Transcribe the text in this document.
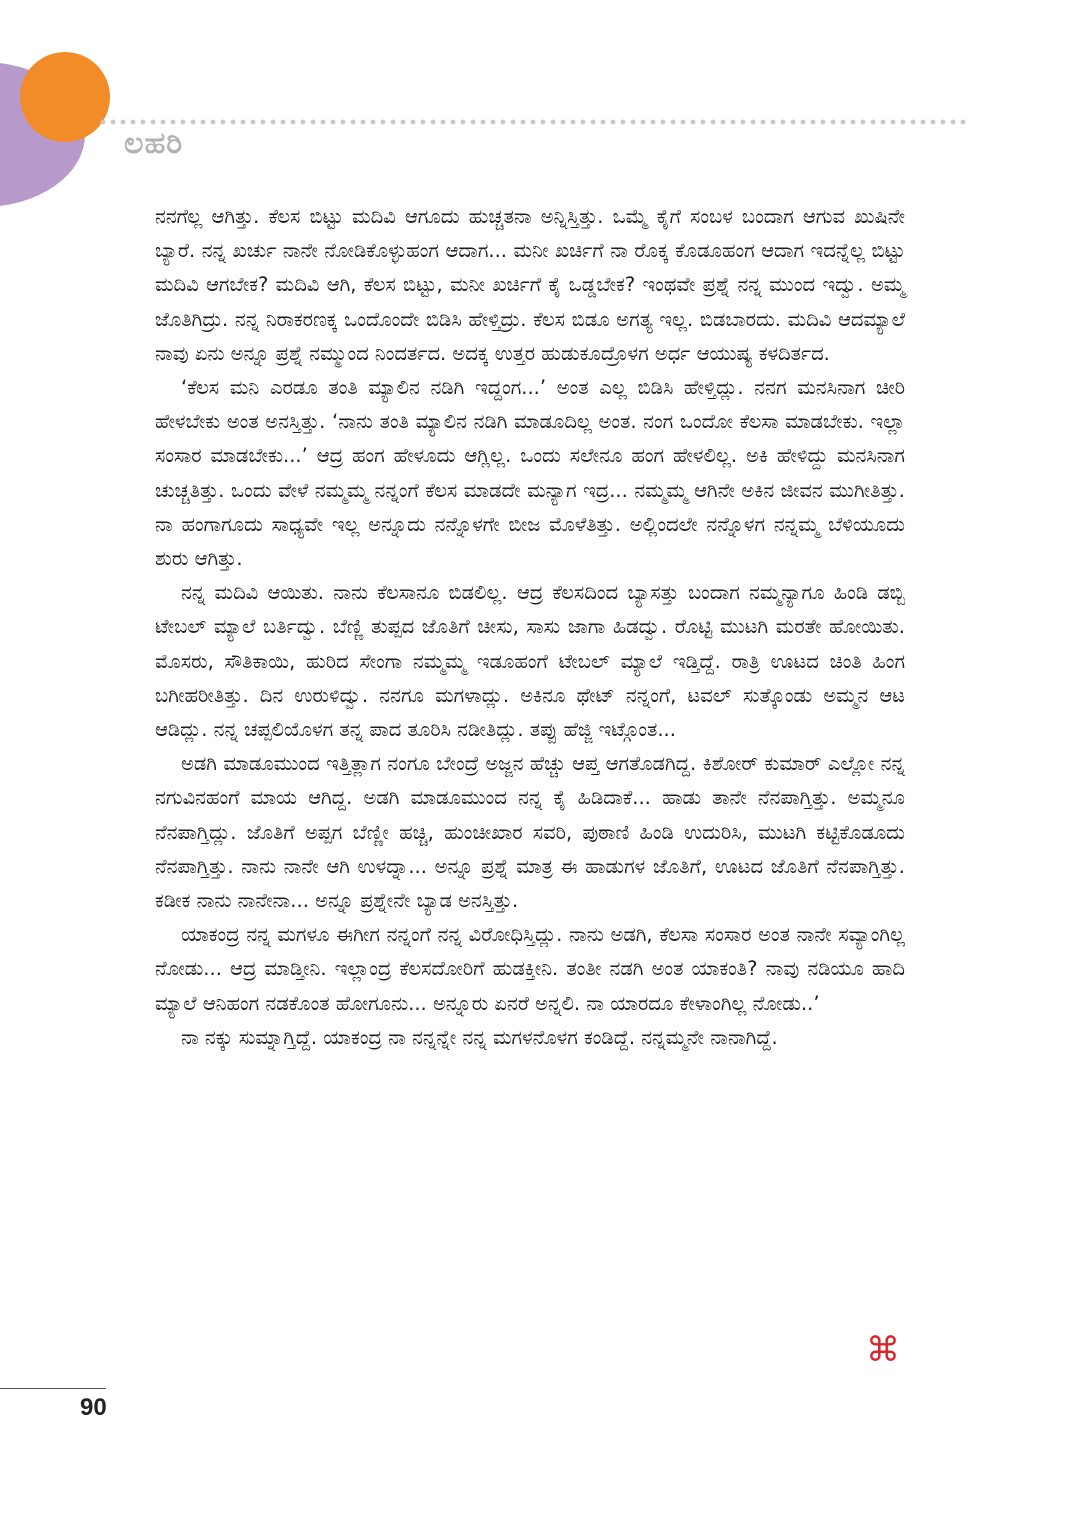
ಲಹರಿ

ನನಗೆಲ್ಲ ಆಗಿತ್ತು. ಕೆಲಸ ಬಿಟ್ಟು ಮದಿವಿ ಆಗೂದು ಹುಚ್ಚತನಾ ಅನ್ನಿಸ್ತಿತ್ತು. ಒಮ್ಮೆ ಕೈಗೆ ಸಂಬಳ ಬಂದಾಗ ಆಗುವ ಖುಷಿನೇ ಬ್ಯಾರೆ. ನನ್ನ ಖರ್ಚು ನಾನೇ ನೋಡಿಕೊಳ್ಳುಹಂಗ ಆದಾಗ... ಮನೀ ಖರ್ಚಿಗೆ ನಾ ರೊಕ್ಕ ಕೊಡೂಹಂಗ ಆದಾಗ ಇದನ್ನೆಲ್ಲ ಬಿಟ್ಟು ಮದಿವಿ ಆಗಬೇಕ? ಮದಿವಿ ಆಗಿ, ಕೆಲಸ ಬಿಟ್ಟು, ಮನೀ ಖರ್ಚಿಗೆ ಕೈ ಒಡ್ಡಬೇಕ? ಇಂಥವೇ ಪ್ರಶ್ನೆ ನನ್ನ ಮುಂದ ಇದ್ವು. ಅಮ್ಮ ಜೊತಿಗಿದ್ರು. ನನ್ನ ನಿರಾಕರಣಕ್ಕ ಒಂದೊಂದೇ ಬಿಡಿಸಿ ಹೇಳ್ತಿದ್ರು. ಕೆಲಸ ಬಿಡೂ ಅಗತ್ಯ ಇಲ್ಲ. ಬಿಡಬಾರದು. ಮದಿವಿ ಆದಮ್ಯಾಲೆ ನಾವು ಏನು ಅನ್ನೂ ಪ್ರಶ್ನೆ ನಮ್ಮುಂದ ನಿಂದರ್ತದ. ಅದಕ್ಕ ಉತ್ತರ ಹುಡುಕೂದ್ರೊಳಗ ಅರ್ಧ ಆಯುಷ್ಯ ಕಳದಿರ್ತದ.

‘ಕೆಲಸ ಮನಿ ಎರಡೂ ತಂತಿ ಮ್ಯಾಲಿನ ನಡಿಗಿ ಇದ್ದಂಗ...’ ಅಂತ ಎಲ್ಲ ಬಿಡಿಸಿ ಹೇಳ್ತಿದ್ಲು. ನನಗ ಮನಸಿನಾಗ ಚೀರಿ ಹೇಳಬೇಕು ಅಂತ ಅನಸ್ತಿತ್ತು. ‘ನಾನು ತಂತಿ ಮ್ಯಾಲಿನ ನಡಿಗಿ ಮಾಡೂದಿಲ್ಲ ಅಂತ. ನಂಗ ಒಂದೋ ಕೆಲಸಾ ಮಾಡಬೇಕು. ಇಲ್ಲಾ ಸಂಸಾರ ಮಾಡಬೇಕು...’ ಆದ್ರ ಹಂಗ ಹೇಳೂದು ಆಗ್ಲಿಲ್ಲ. ಒಂದು ಸಲೇನೂ ಹಂಗ ಹೇಳಲಿಲ್ಲ. ಅಕಿ ಹೇಳಿದ್ದು ಮನಸಿನಾಗ ಚುಚ್ಚತಿತ್ತು. ಒಂದು ವೇಳೆ ನಮ್ಮಮ್ಮ ನನ್ನಂಗೆ ಕೆಲಸ ಮಾಡದೇ ಮನ್ಯಾಗ ಇದ್ರ... ನಮ್ಮಮ್ಮ ಆಗಿನೇ ಅಕಿನ ಜೀವನ ಮುಗೀತಿತ್ತು. ನಾ ಹಂಗಾಗೂದು ಸಾಧ್ಯವೇ ಇಲ್ಲ ಅನ್ನೂದು ನನ್ನೊಳಗೇ ಬೀಜ ಮೊಳೆತಿತ್ತು. ಅಲ್ಲಿಂದಲೇ ನನ್ನೊಳಗ ನನ್ನಮ್ಮ ಬೆಳಿಯೂದು ಶುರು ಆಗಿತ್ತು.

ನನ್ನ ಮದಿವಿ ಆಯಿತು. ನಾನು ಕೆಲಸಾನೂ ಬಿಡಲಿಲ್ಲ. ಆದ್ರ ಕೆಲಸದಿಂದ ಬ್ಯಾಸತ್ತು ಬಂದಾಗ ನಮ್ಮನ್ಯಾಗೂ ಹಿಂಡಿ ಡಬ್ಬಿ ಟೇಬಲ್ ಮ್ಯಾಲೆ ಬರ್ತಿದ್ವು. ಬೆಣ್ಣಿ ತುಪ್ಪದ ಜೊತಿಗೆ ಚೀಸು, ಸಾಸು ಜಾಗಾ ಹಿಡದ್ವು. ರೊಟ್ಟಿ ಮುಟಗಿ ಮರತೇ ಹೋಯಿತು. ಮೊಸರು, ಸೌತಿಕಾಯಿ, ಹುರಿದ ಸೇಂಗಾ ನಮ್ಮಮ್ಮ ಇಡೂಹಂಗೆ ಟೇಬಲ್ ಮ್ಯಾಲೆ ಇಡ್ತಿದ್ದೆ. ರಾತ್ರಿ ಊಟದ ಚಿಂತಿ ಹಿಂಗ ಬಗೀಹರೀತಿತ್ತು. ದಿನ ಉರುಳಿದ್ವು. ನನಗೂ ಮಗಳಾದ್ಲು. ಅಕಿನೂ ಥೇಟ್ ನನ್ನಂಗೆ, ಟವಲ್ ಸುತ್ಕೊಂಡು ಅಮ್ಮನ ಆಟ ಆಡಿದ್ಲು. ನನ್ನ ಚಪ್ಪಲಿಯೊಳಗ ತನ್ನ ಪಾದ ತೂರಿಸಿ ನಡೀತಿದ್ಲು. ತಪ್ಪು ಹೆಜ್ಜಿ ಇಟ್ಗೊಂತ...

ಅಡಗಿ ಮಾಡೂಮುಂದ ಇತ್ತಿತ್ಲಾಗ ನಂಗೂ ಬೇಂದ್ರೆ ಅಜ್ಜನ ಹೆಚ್ಚು ಆಪ್ತ ಆಗತೊಡಗಿದ್ದ. ಕಿಶೋರ್ ಕುಮಾರ್ ಎಲ್ಲೋ ನನ್ನ ನಗುವಿನಹಂಗೆ ಮಾಯ ಆಗಿದ್ದ. ಅಡಗಿ ಮಾಡೂಮುಂದ ನನ್ನ ಕೈ ಹಿಡಿದಾಕೆ... ಹಾಡು ತಾನೇ ನೆನಪಾಗ್ತಿತ್ತು. ಅಮ್ಮನೂ ನೆನಪಾಗ್ತಿದ್ಲು. ಜೊತಿಗೆ ಅಪ್ಪಗ ಬೆಣ್ಣೀ ಹಚ್ಚಿ, ಹುಂಚೀಖಾರ ಸವರಿ, ಪುಠಾಣಿ ಹಿಂಡಿ ಉದುರಿಸಿ, ಮುಟಗಿ ಕಟ್ಟಿಕೊಡೂದು ನೆನಪಾಗ್ತಿತ್ತು. ನಾನು ನಾನೇ ಆಗಿ ಉಳದ್ನಾ... ಅನ್ನೂ ಪ್ರಶ್ನೆ ಮಾತ್ರ ಈ ಹಾಡುಗಳ ಜೊತಿಗೆ, ಊಟದ ಜೊತಿಗೆ ನೆನಪಾಗ್ತಿತ್ತು. ಕಡೀಕ ನಾನು ನಾನೇನಾ... ಅನ್ನೂ ಪ್ರಶ್ನೇನೇ ಬ್ಯಾಡ ಅನಸ್ತಿತ್ತು.

ಯಾಕಂದ್ರ ನನ್ನ ಮಗಳೂ ಈಗೀಗ ನನ್ನಂಗೆ ನನ್ನ ವಿರೋಧಿಸ್ತಿದ್ಲು. ನಾನು ಅಡಗಿ, ಕೆಲಸಾ ಸಂಸಾರ ಅಂತ ನಾನೇ ಸವ್ಯಾಂಗಿಲ್ಲ ನೋಡು... ಆದ್ರ ಮಾಡ್ತೀನಿ. ಇಲ್ಲಾಂದ್ರ ಕೆಲಸದೋರಿಗೆ ಹುಡಕ್ತೀನಿ. ತಂತೀ ನಡಗಿ ಅಂತ ಯಾಕಂತಿ? ನಾವು ನಡಿಯೂ ಹಾದಿ ಮ್ಯಾಲೆ ಆನಿಹಂಗ ನಡಕೊಂತ ಹೋಗೂನು... ಅನ್ನೂರು ಏನರೆ ಅನ್ನಲಿ. ನಾ ಯಾರದೂ ಕೇಳಾಂಗಿಲ್ಲ ನೋಡು..’

ನಾ ನಕ್ಕು ಸುಮ್ನಾಗ್ತಿದ್ದೆ. ಯಾಕಂದ್ರ ನಾ ನನ್ನನ್ನೇ ನನ್ನ ಮಗಳನೊಳಗ ಕಂಡಿದ್ದೆ. ನನ್ನಮ್ಮನೇ ನಾನಾಗಿದ್ದೆ.

⌘
90
